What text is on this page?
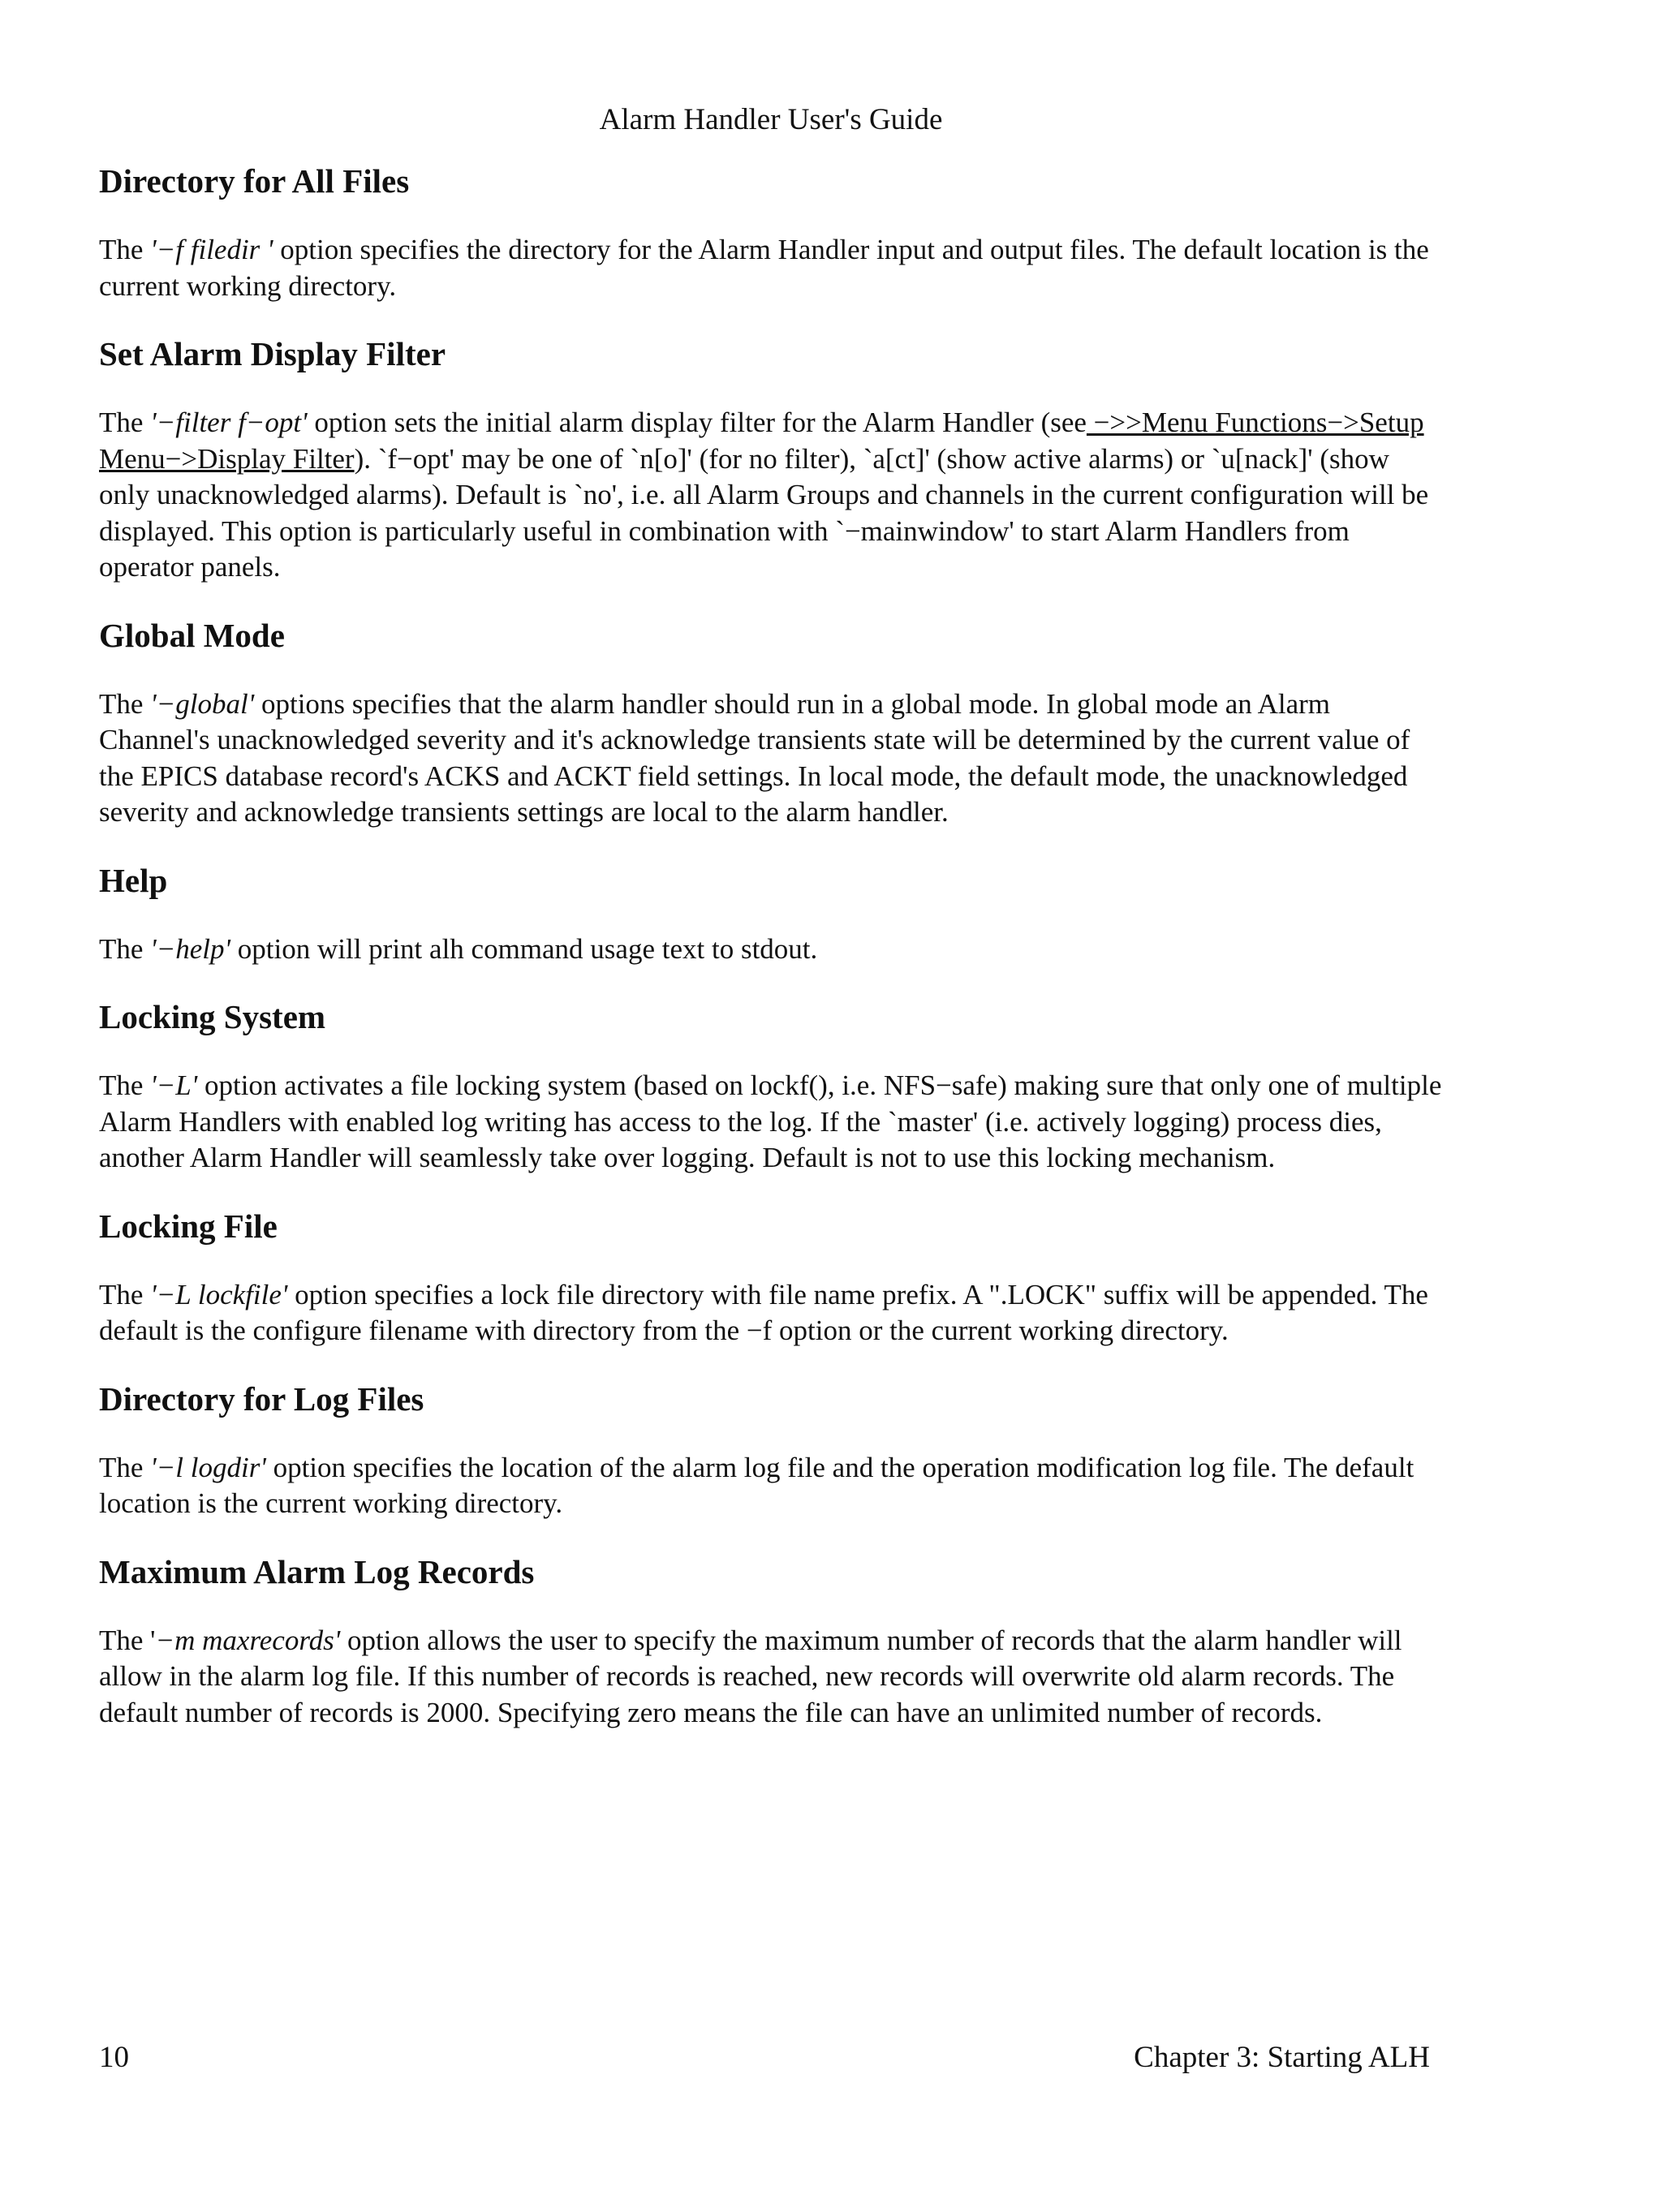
Alarm Handler User's Guide
Directory for All Files

The '−f filedir ' option specifies the directory for the Alarm Handler input and output files. The default location is the current working directory.

Set Alarm Display Filter

The '−filter f−opt' option sets the initial alarm display filter for the Alarm Handler (see −>>Menu Functions−>Setup Menu−>Display Filter). `f−opt' may be one of `n[o]' (for no filter), `a[ct]' (show active alarms) or `u[nack]' (show only unacknowledged alarms). Default is `no', i.e. all Alarm Groups and channels in the current configuration will be displayed. This option is particularly useful in combination with `−mainwindow' to start Alarm Handlers from operator panels.

Global Mode

The '−global' options specifies that the alarm handler should run in a global mode. In global mode an Alarm Channel's unacknowledged severity and it's acknowledge transients state will be determined by the current value of the EPICS database record's ACKS and ACKT field settings. In local mode, the default mode, the unacknowledged severity and acknowledge transients settings are local to the alarm handler.

Help

The '−help' option will print alh command usage text to stdout.

Locking System

The '−L' option activates a file locking system (based on lockf(), i.e. NFS−safe) making sure that only one of multiple Alarm Handlers with enabled log writing has access to the log. If the `master' (i.e. actively logging) process dies, another Alarm Handler will seamlessly take over logging. Default is not to use this locking mechanism.

Locking File

The '−L lockfile' option specifies a lock file directory with file name prefix. A ".LOCK" suffix will be appended. The default is the configure filename with directory from the −f option or the current working directory.

Directory for Log Files

The '−l logdir' option specifies the location of the alarm log file and the operation modification log file. The default location is the current working directory.

Maximum Alarm Log Records

The '−m maxrecords' option allows the user to specify the maximum number of records that the alarm handler will allow in the alarm log file. If this number of records is reached, new records will overwrite old alarm records. The default number of records is 2000. Specifying zero means the file can have an unlimited number of records.

10	Chapter 3: Starting ALH
